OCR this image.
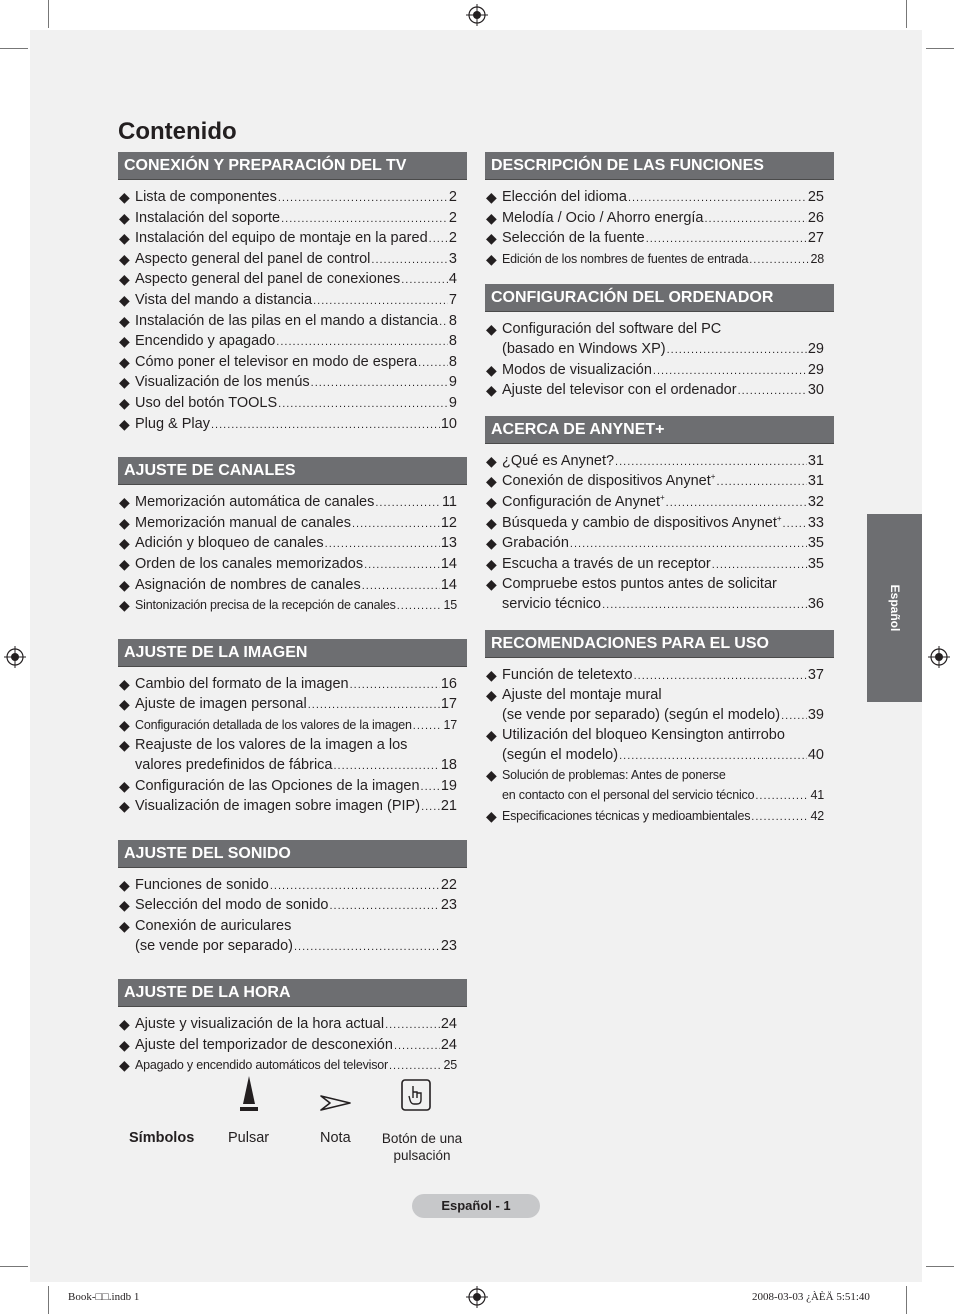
Contenido
CONEXIÓN Y PREPARACIÓN DEL TV
◆ Lista de componentes .....	2
◆ Instalación del soporte .....	2
◆ Instalación del equipo de montaje en la pared ..... 2
◆ Aspecto general del panel de control .....	3
◆ Aspecto general del panel de conexiones .....	4
◆ Vista del mando a distancia .....	7
◆ Instalación de las pilas en el mando a distancia ..... 8
◆ Encendido y apagado .....	8
◆ Cómo poner el televisor en modo de espera ..... 8
◆ Visualización de los menús .....	9
◆ Uso del botón TOOLS .....	9
◆ Plug & Play .....	10
AJUSTE DE CANALES
◆ Memorización automática de canales .....	11
◆ Memorización manual de canales .....	12
◆ Adición y bloqueo de canales .....	13
◆ Orden de los canales memorizados .....	14
◆ Asignación de nombres de canales .....	14
◆ Sintonización precisa de la recepción de canales .....	15
AJUSTE DE LA IMAGEN
◆ Cambio del formato de la imagen .....	16
◆ Ajuste de imagen personal .....	17
◆ Configuración detallada de los valores de la imagen .....	17
◆ Reajuste de los valores de la imagen a los
valores predefinidos de fábrica .....	18
◆ Configuración de las Opciones de la imagen ..... 19
◆ Visualización de imagen sobre imagen (PIP) ..... 21
AJUSTE DEL SONIDO
◆ Funciones de sonido .....	22
◆ Selección del modo de sonido .....	23
◆ Conexión de auriculares
(se vende por separado) .....	23
AJUSTE DE LA HORA
◆ Ajuste y visualización de la hora actual .....	24
◆ Ajuste del temporizador de desconexión .....	24
◆ Apagado y encendido automáticos del televisor .....	25
DESCRIPCIÓN DE LAS FUNCIONES
◆ Elección del idioma .....	25
◆ Melodía / Ocio / Ahorro energía .....	26
◆ Selección de la fuente .....	27
◆ Edición de los nombres de fuentes de entrada .....	28
CONFIGURACIÓN DEL ORDENADOR
◆ Configuración del software del PC
(basado en Windows XP) .....	29
◆ Modos de visualización .....	29
◆ Ajuste del televisor con el ordenador .....	30
ACERCA DE ANYNET+
◆ ¿Qué es Anynet? .....	31
◆ Conexión de dispositivos Anynet+ .....	31
◆ Configuración de Anynet+ .....	32
◆ Búsqueda y cambio de dispositivos Anynet+ ..... 33
◆ Grabación .....	35
◆ Escucha a través de un receptor .....	35
◆ Compruebe estos puntos antes de solicitar
servicio técnico .....	36
RECOMENDACIONES PARA EL USO
◆ Función de teletexto .....	37
◆ Ajuste del montaje mural
(se vende por separado) (según el modelo) ..... 39
◆ Utilización del bloqueo Kensington antirrobo
(según el modelo) .....	40
◆ Solución de problemas: Antes de ponerse
en contacto con el personal del servicio técnico .....	41
◆ Especificaciones técnicas y medioambientales .....	42
Español
Símbolos Pulsar	Nota	Botón de una
pulsación
Español - 1
Book-□□.indb 1	2008-03-03 ¿ÀÈÄ 5:51:40
